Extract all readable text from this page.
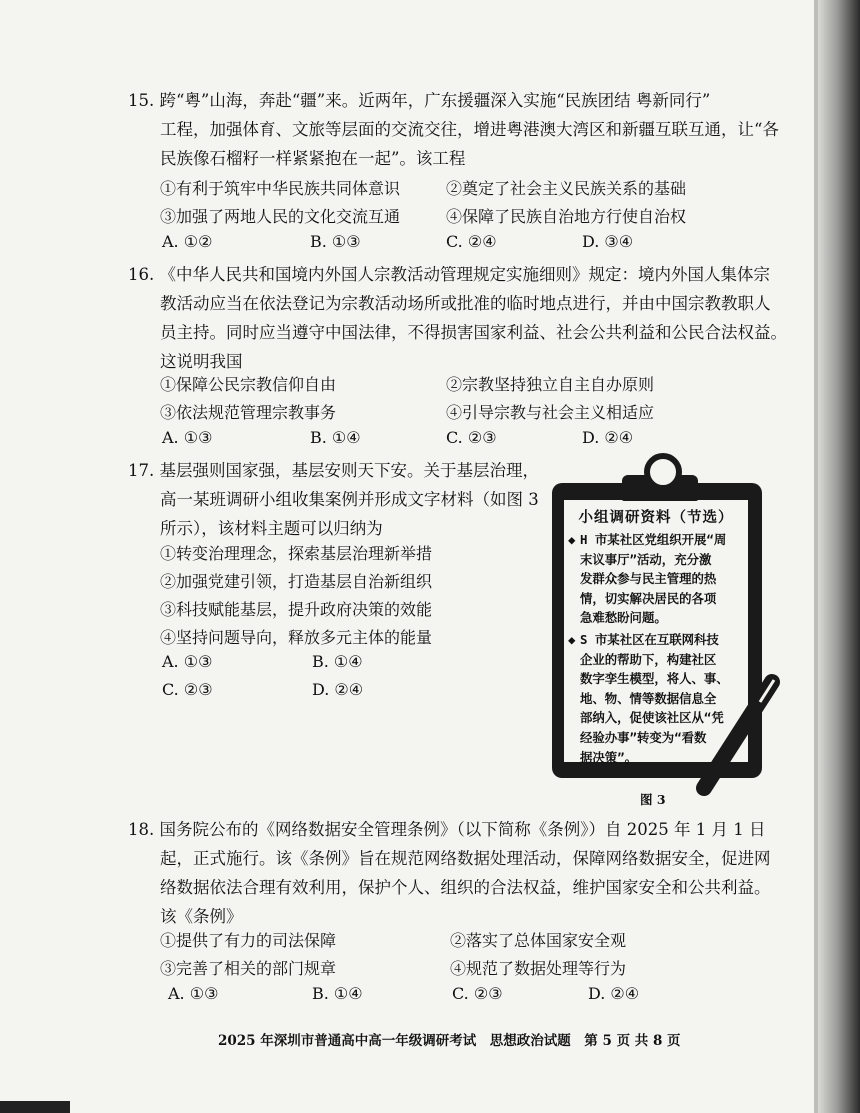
15. 跨“粤”山海，奔赴“疆”来。近两年，广东援疆深入实施“民族团结 粤新同行”
工程，加强体育、文旅等层面的交流交往，增进粤港澳大湾区和新疆互联互通，让“各
民族像石榴籽一样紧紧抱在一起”。该工程
①有利于筑牢中华民族共同体意识	②奠定了社会主义民族关系的基础
③加强了两地人民的文化交流互通	④保障了民族自治地方行使自治权
A. ①②	B. ①③	C. ②④	D. ③④
16. 《中华人民共和国境内外国人宗教活动管理规定实施细则》规定：境内外国人集体宗
教活动应当在依法登记为宗教活动场所或批准的临时地点进行，并由中国宗教教职人
员主持。同时应当遵守中国法律，不得损害国家利益、社会公共利益和公民合法权益。
这说明我国
①保障公民宗教信仰自由	②宗教坚持独立自主自办原则
③依法规范管理宗教事务	④引导宗教与社会主义相适应
A. ①③	B. ①④	C. ②③	D. ②④
17. 基层强则国家强，基层安则天下安。关于基层治理，
高一某班调研小组收集案例并形成文字材料（如图 3
所示），该材料主题可以归纳为
①转变治理理念，探索基层治理新举措
②加强党建引领，打造基层自治新组织
③科技赋能基层，提升政府决策的效能
④坚持问题导向，释放多元主体的能量
A. ①③	B. ①④
C. ②③	D. ②④
小组调研资料（节选）
◆ H 市某社区党组织开展“周
末议事厅”活动，充分激
发群众参与民主管理的热
情，切实解决居民的各项
急难愁盼问题。
◆ S 市某社区在互联网科技
企业的帮助下，构建社区
数字孪生模型，将人、事、
地、物、情等数据信息全
部纳入，促使该社区从“凭
经验办事”转变为“看数
据决策”。
图 3
18. 国务院公布的《网络数据安全管理条例》（以下简称《条例》）自 2025 年 1 月 1 日
起，正式施行。该《条例》旨在规范网络数据处理活动，保障网络数据安全，促进网
络数据依法合理有效利用，保护个人、组织的合法权益，维护国家安全和公共利益。
该《条例》
①提供了有力的司法保障	②落实了总体国家安全观
③完善了相关的部门规章	④规范了数据处理等行为
A. ①③	B. ①④	C. ②③	D. ②④
2025 年深圳市普通高中高一年级调研考试　思想政治试题　第 5 页 共 8 页
